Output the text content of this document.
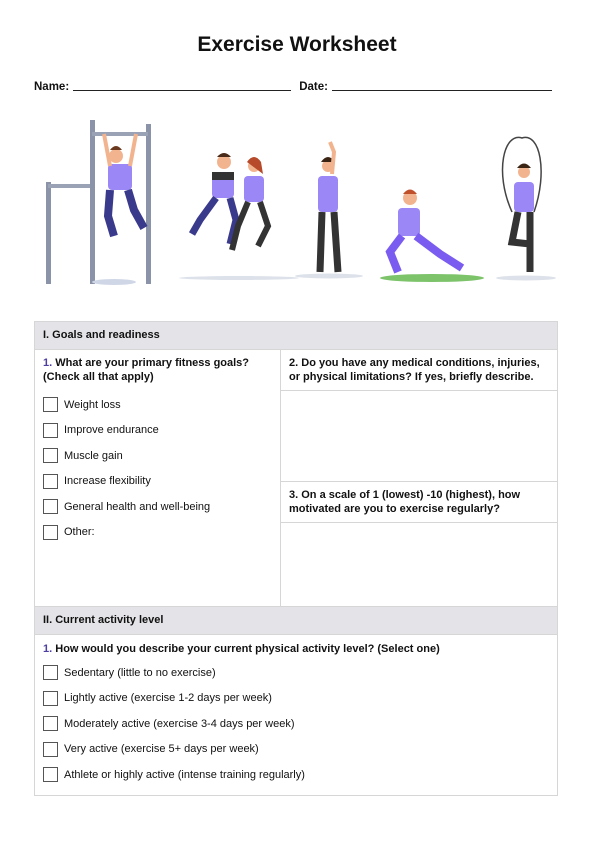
Exercise Worksheet
Name:	Date:
I. Goals and readiness
1. What are your primary fitness goals? (Check all that apply)
Weight loss
Improve endurance
Muscle gain
Increase flexibility
General health and well-being
Other:
2. Do you have any medical conditions, injuries, or physical limitations? If yes, briefly describe.
3. On a scale of 1 (lowest) -10 (highest), how motivated are you to exercise regularly?
II. Current activity level
1. How would you describe your current physical activity level? (Select one)
Sedentary (little to no exercise)
Lightly active (exercise 1-2 days per week)
Moderately active (exercise 3-4 days per week)
Very active (exercise 5+ days per week)
Athlete or highly active (intense training regularly)
